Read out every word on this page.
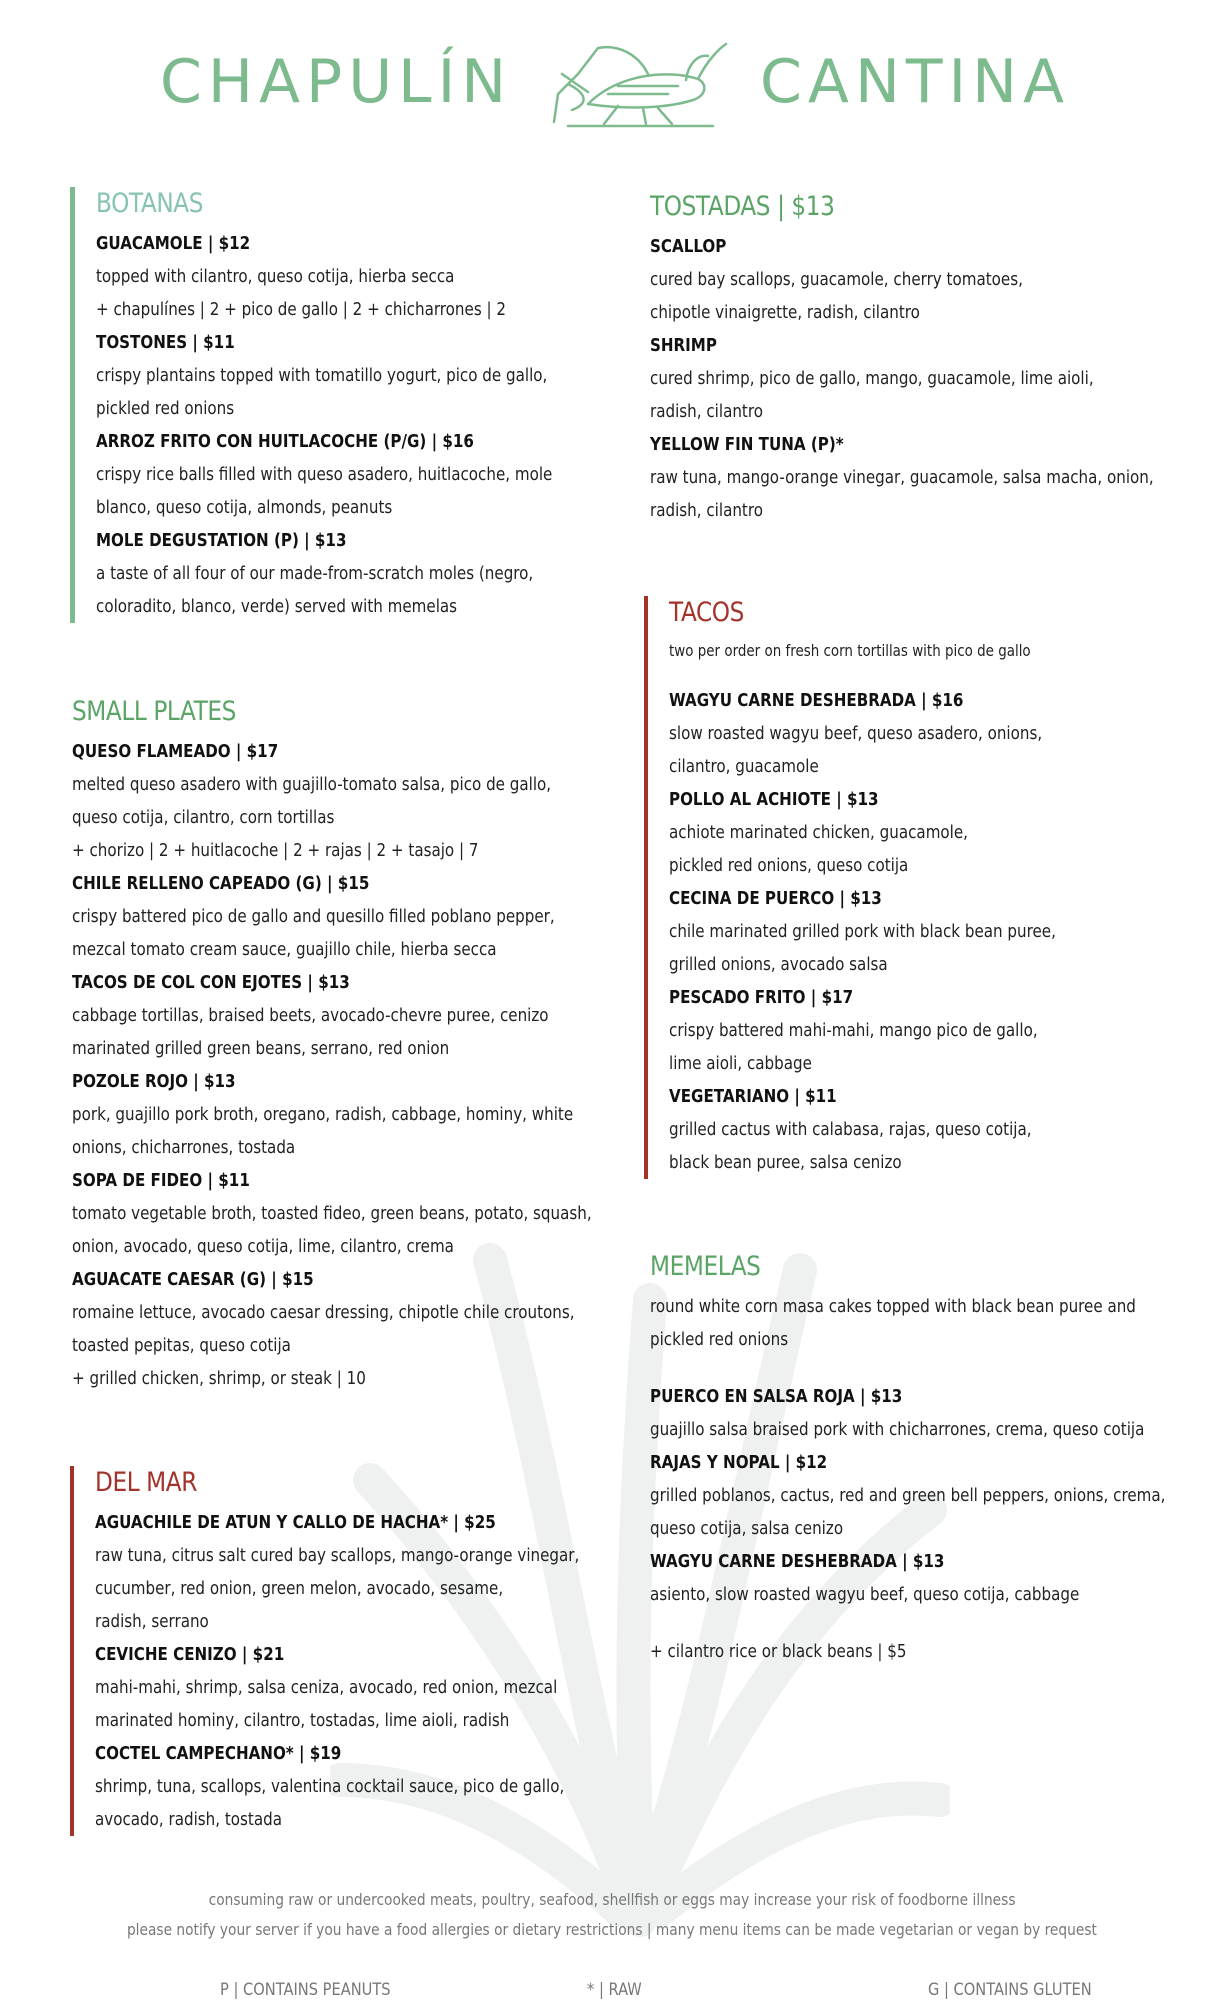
CHAPULÍN	CANTINA
BOTANAS
GUACAMOLE | $12
topped with cilantro, queso cotija, hierba secca
+ chapulínes | 2 + pico de gallo | 2 + chicharrones | 2
TOSTONES | $11
crispy plantains topped with tomatillo yogurt, pico de gallo,
pickled red onions
ARROZ FRITO CON HUITLACOCHE (P/G) | $16
crispy rice balls filled with queso asadero, huitlacoche, mole
blanco, queso cotija, almonds, peanuts
MOLE DEGUSTATION (P) | $13
a taste of all four of our made-from-scratch moles (negro,
coloradito, blanco, verde) served with memelas
SMALL PLATES
QUESO FLAMEADO | $17
melted queso asadero with guajillo-tomato salsa, pico de gallo,
queso cotija, cilantro, corn tortillas
+ chorizo | 2 + huitlacoche | 2 + rajas | 2 + tasajo | 7
CHILE RELLENO CAPEADO (G) | $15
crispy battered pico de gallo and quesillo filled poblano pepper,
mezcal tomato cream sauce, guajillo chile, hierba secca
TACOS DE COL CON EJOTES | $13
cabbage tortillas, braised beets, avocado-chevre puree, cenizo
marinated grilled green beans, serrano, red onion
POZOLE ROJO | $13
pork, guajillo pork broth, oregano, radish, cabbage, hominy, white
onions, chicharrones, tostada
SOPA DE FIDEO | $11
tomato vegetable broth, toasted fideo, green beans, potato, squash,
onion, avocado, queso cotija, lime, cilantro, crema
AGUACATE CAESAR (G) | $15
romaine lettuce, avocado caesar dressing, chipotle chile croutons,
toasted pepitas, queso cotija
+ grilled chicken, shrimp, or steak | 10
DEL MAR
AGUACHILE DE ATUN Y CALLO DE HACHA* | $25
raw tuna, citrus salt cured bay scallops, mango-orange vinegar,
cucumber, red onion, green melon, avocado, sesame,
radish, serrano
CEVICHE CENIZO | $21
mahi-mahi, shrimp, salsa ceniza, avocado, red onion, mezcal
marinated hominy, cilantro, tostadas, lime aioli, radish
COCTEL CAMPECHANO* | $19
shrimp, tuna, scallops, valentina cocktail sauce, pico de gallo,
avocado, radish, tostada
TOSTADAS | $13
SCALLOP
cured bay scallops, guacamole, cherry tomatoes,
chipotle vinaigrette, radish, cilantro
SHRIMP
cured shrimp, pico de gallo, mango, guacamole, lime aioli,
radish, cilantro
YELLOW FIN TUNA (P)*
raw tuna, mango-orange vinegar, guacamole, salsa macha, onion,
radish, cilantro
TACOS
two per order on fresh corn tortillas with pico de gallo
WAGYU CARNE DESHEBRADA | $16
slow roasted wagyu beef, queso asadero, onions,
cilantro, guacamole
POLLO AL ACHIOTE | $13
achiote marinated chicken, guacamole,
pickled red onions, queso cotija
CECINA DE PUERCO | $13
chile marinated grilled pork with black bean puree,
grilled onions, avocado salsa
PESCADO FRITO | $17
crispy battered mahi-mahi, mango pico de gallo,
lime aioli, cabbage
VEGETARIANO | $11
grilled cactus with calabasa, rajas, queso cotija,
black bean puree, salsa cenizo
MEMELAS
round white corn masa cakes topped with black bean puree and
pickled red onions
PUERCO EN SALSA ROJA | $13
guajillo salsa braised pork with chicharrones, crema, queso cotija
RAJAS Y NOPAL | $12
grilled poblanos, cactus, red and green bell peppers, onions, crema,
queso cotija, salsa cenizo
WAGYU CARNE DESHEBRADA | $13
asiento, slow roasted wagyu beef, queso cotija, cabbage
+ cilantro rice or black beans | $5
consuming raw or undercooked meats, poultry, seafood, shellfish or eggs may increase your risk of foodborne illness
please notify your server if you have a food allergies or dietary restrictions | many menu items can be made vegetarian or vegan by request
P | CONTAINS PEANUTS	* | RAW	G | CONTAINS GLUTEN
